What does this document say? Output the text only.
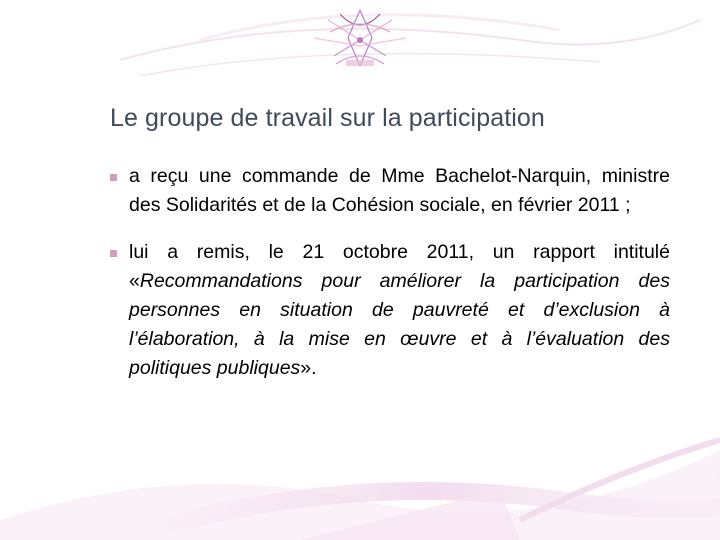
Le groupe de travail sur la participation
a reçu une commande de Mme Bachelot-Narquin, ministre des Solidarités et de la Cohésion sociale, en février 2011 ;
lui a remis, le 21 octobre 2011, un rapport intitulé «Recommandations pour améliorer la participation des personnes en situation de pauvreté et d’exclusion à l’élaboration, à la mise en œuvre et à l’évaluation des politiques publiques».
